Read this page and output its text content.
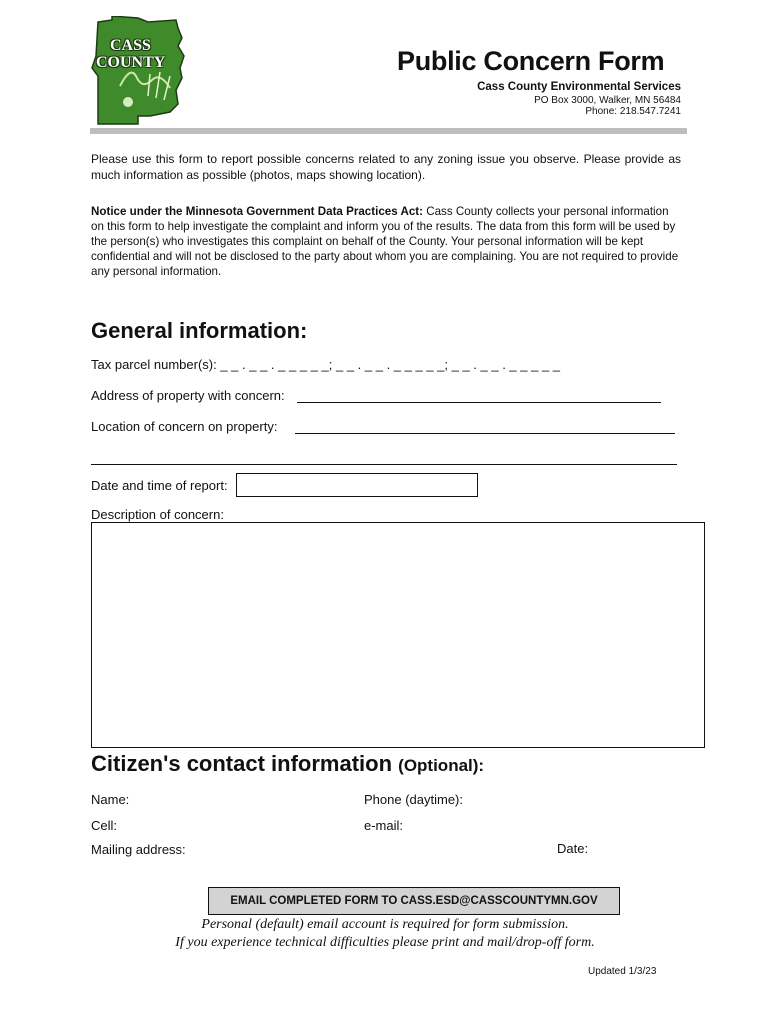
CASS
COUNTY	Public Concern Form
Cass County Environmental Services
PO Box 3000, Walker, MN 56484
Phone: 218.547.7241
Please use this form to report possible concerns related to any zoning issue you observe. Please provide as much information as possible (photos, maps showing location).
Notice under the Minnesota Government Data Practices Act: Cass County collects your personal information on this form to help investigate the complaint and inform you of the results. The data from this form will be used by the person(s) who investigates this complaint on behalf of the County. Your personal information will be kept confidential and will not be disclosed to the party about whom you are complaining. You are not required to provide any personal information.
General information:
Tax parcel number(s): _ _ . _ _ . _ _ _ _ _; _ _ . _ _ . _ _ _ _ _; _ _ . _ _ . _ _ _ _ _
Address of property with concern:
Location of concern on property:
Date and time of report:
Description of concern:
Citizen's contact information (Optional):
Name:	Phone (daytime):
Cell:	e-mail:
Mailing address:	Date:
EMAIL COMPLETED FORM TO CASS.ESD@CASSCOUNTYMN.GOV
Personal (default) email account is required for form submission.
If you experience technical difficulties please print and mail/drop-off form.
Updated 1/3/23
